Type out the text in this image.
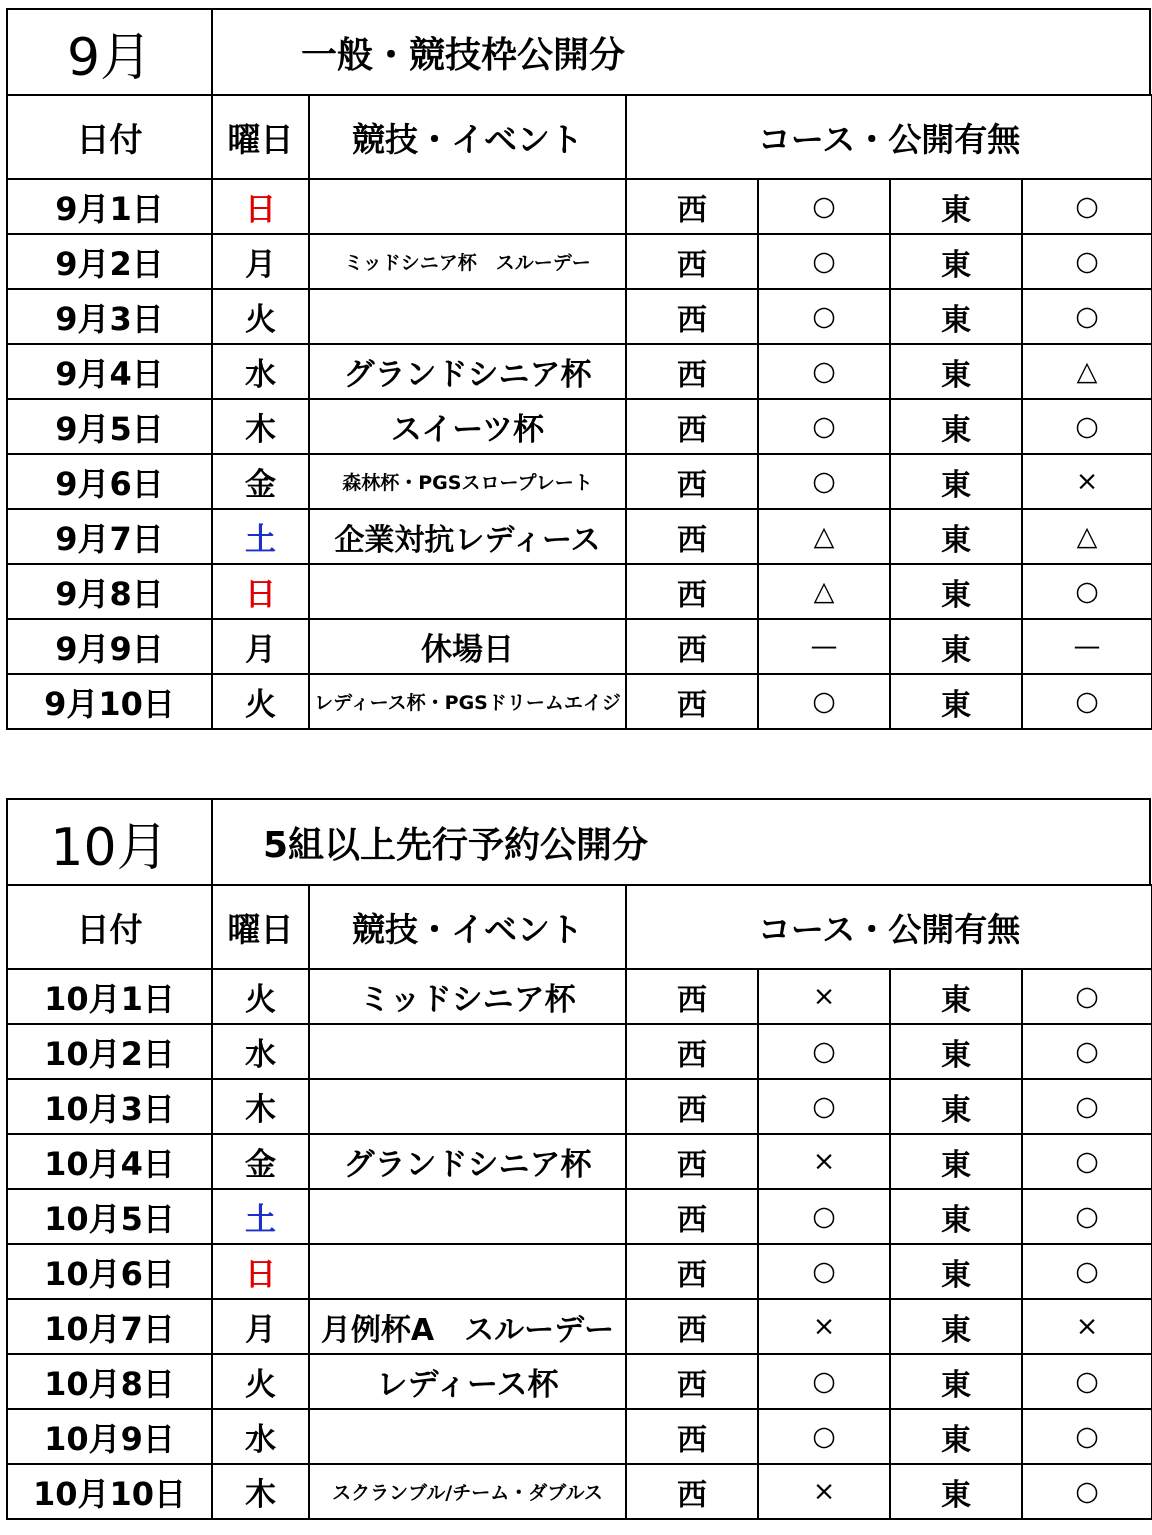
9月	一般・競技枠公開分
日付	曜日	競技・イベント	コース・公開有無			
9月1日	日		西	○	東	○
9月2日	月	ミッドシニア杯　スルーデー	西	○	東	○
9月3日	火		西	○	東	○
9月4日	水	グランドシニア杯	西	○	東	△
9月5日	木	スイーツ杯	西	○	東	○
9月6日	金	森林杯・PGSスロープレート	西	○	東	×
9月7日	土	企業対抗レディース	西	△	東	△
9月8日	日		西	△	東	○
9月9日	月	休場日	西	—	東	—
9月10日	火	レディース杯・PGSドリームエイジ	西	○	東	○
10月	5組以上先行予約公開分
日付	曜日	競技・イベント	コース・公開有無			
10月1日	火	ミッドシニア杯	西	×	東	○
10月2日	水		西	○	東	○
10月3日	木		西	○	東	○
10月4日	金	グランドシニア杯	西	×	東	○
10月5日	土		西	○	東	○
10月6日	日		西	○	東	○
10月7日	月	月例杯A　スルーデー	西	×	東	×
10月8日	火	レディース杯	西	○	東	○
10月9日	水		西	○	東	○
10月10日	木	スクランブル/チーム・ダブルス	西	×	東	○
